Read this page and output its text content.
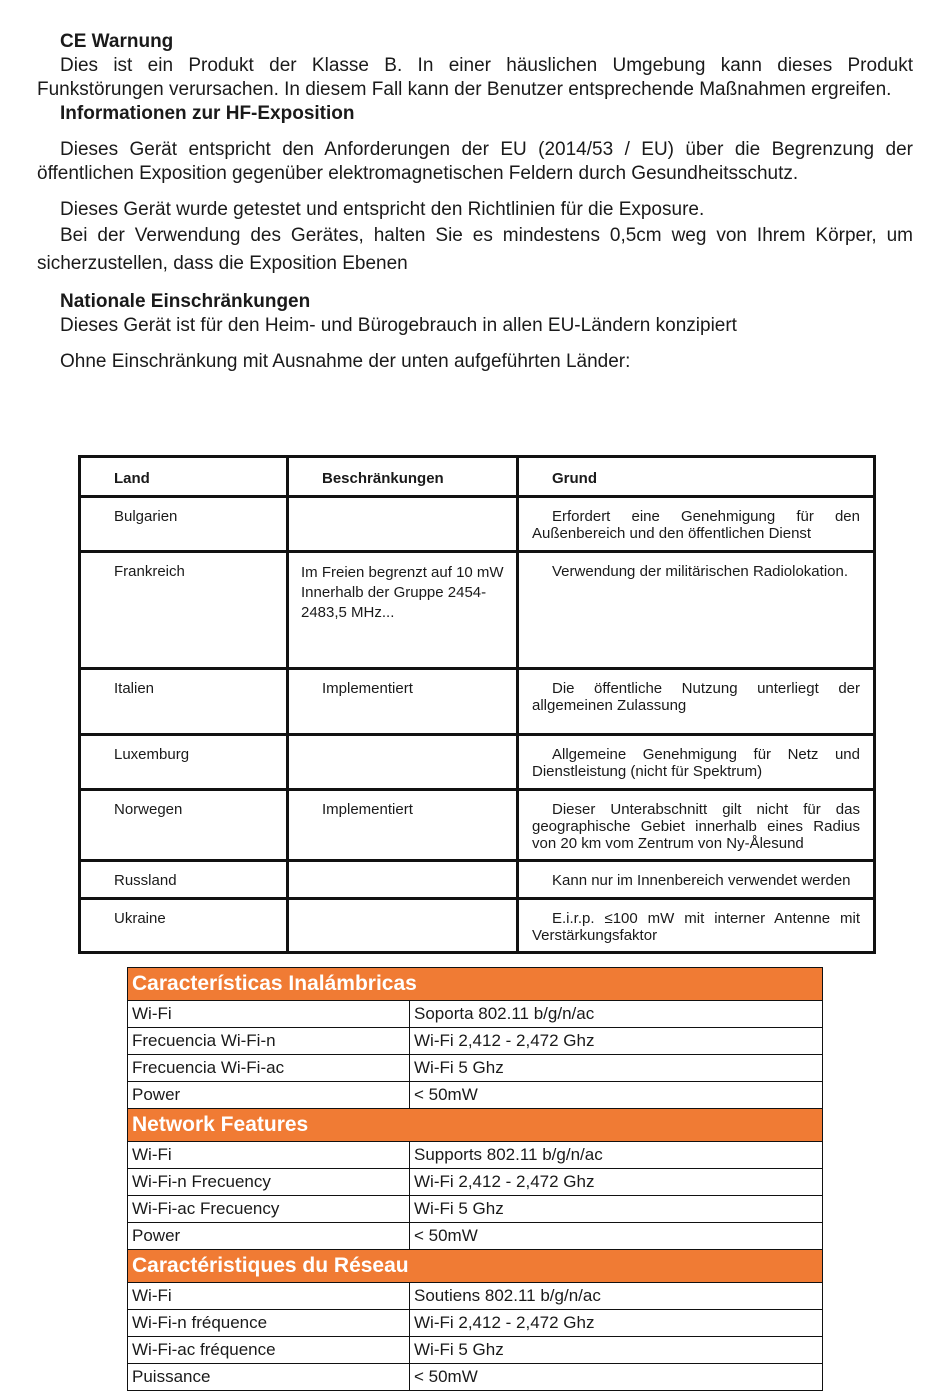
CE Warnung

Dies ist ein Produkt der Klasse B. In einer häuslichen Umgebung kann dieses Produkt Funkstörungen verursachen. In diesem Fall kann der Benutzer entsprechende Maßnahmen ergreifen.

Informationen zur HF-Exposition

Dieses Gerät entspricht den Anforderungen der EU (2014/53 / EU) über die Begrenzung der öffentlichen Exposition gegenüber elektromagnetischen Feldern durch Gesundheitsschutz.

Dieses Gerät wurde getestet und entspricht den Richtlinien für die Exposure.

Bei der Verwendung des Gerätes, halten Sie es mindestens 0,5cm weg von Ihrem Körper, um sicherzustellen, dass die Exposition Ebenen

Nationale Einschränkungen

Dieses Gerät ist für den Heim- und Bürogebrauch in allen EU-Ländern konzipiert

Ohne Einschränkung mit Ausnahme der unten aufgeführten Länder:

Land	Beschränkungen	Grund
Bulgarien		Erfordert eine Genehmigung für den Außenbereich und den öffentlichen Dienst
Frankreich	Im Freien begrenzt auf 10 mW Innerhalb der Gruppe 2454-2483,5 MHz...	Verwendung der militärischen Radiolokation.
Italien	Implementiert	Die öffentliche Nutzung unterliegt der allgemeinen Zulassung
Luxemburg		Allgemeine Genehmigung für Netz und Dienstleistung (nicht für Spektrum)
Norwegen	Implementiert	Dieser Unterabschnitt gilt nicht für das geographische Gebiet innerhalb eines Radius von 20 km vom Zentrum von Ny-Ålesund
Russland		Kann nur im Innenbereich verwendet werden
Ukraine		E.i.r.p. ≤100 mW mit interner Antenne mit Verstärkungsfaktor
Características Inalámbricas	
Wi-Fi	Soporta 802.11 b/g/n/ac
Frecuencia Wi-Fi-n	Wi-Fi 2,412 - 2,472 Ghz
Frecuencia Wi-Fi-ac	Wi-Fi 5 Ghz
Power	< 50mW
Network Features	
Wi-Fi	Supports 802.11 b/g/n/ac
Wi-Fi-n Frecuency	Wi-Fi 2,412 - 2,472 Ghz
Wi-Fi-ac Frecuency	Wi-Fi 5 Ghz
Power	< 50mW
Caractéristiques du Réseau	
Wi-Fi	Soutiens 802.11 b/g/n/ac
Wi-Fi-n fréquence	Wi-Fi 2,412 - 2,472 Ghz
Wi-Fi-ac fréquence	Wi-Fi 5 Ghz
Puissance	< 50mW
